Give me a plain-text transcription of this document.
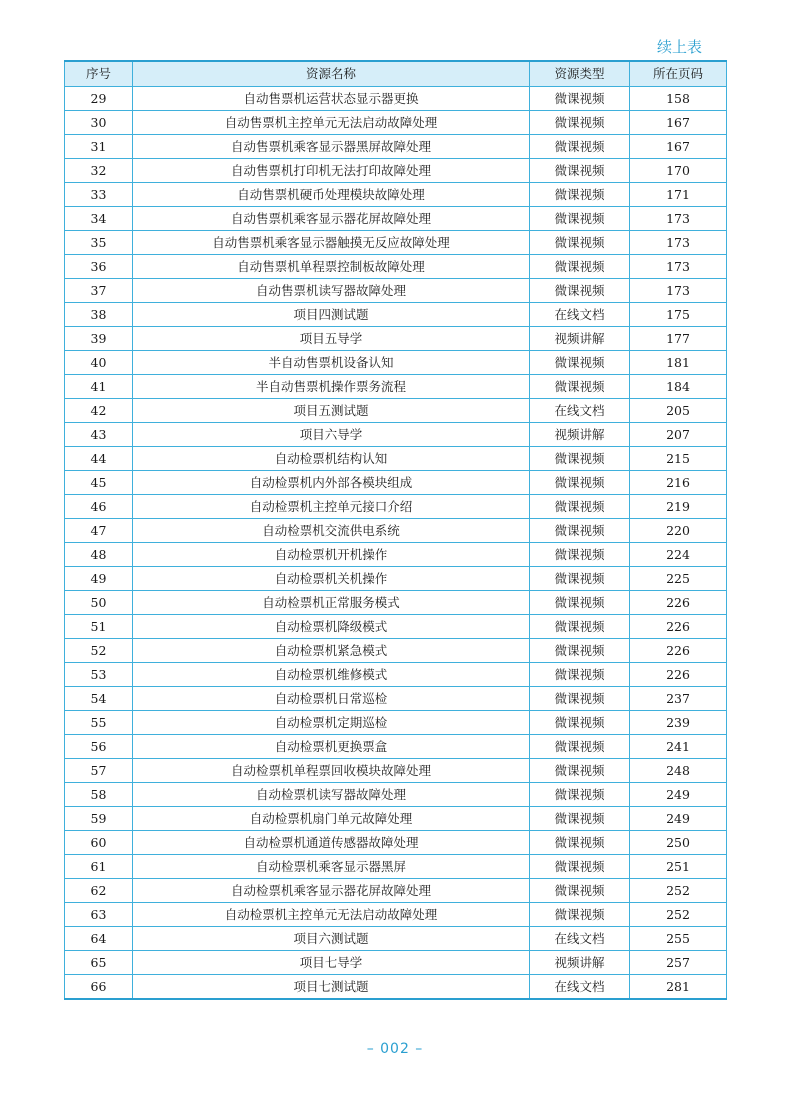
续上表
序号	资源名称	资源类型	所在页码
29	自动售票机运营状态显示器更换	微课视频	158
30	自动售票机主控单元无法启动故障处理	微课视频	167
31	自动售票机乘客显示器黑屏故障处理	微课视频	167
32	自动售票机打印机无法打印故障处理	微课视频	170
33	自动售票机硬币处理模块故障处理	微课视频	171
34	自动售票机乘客显示器花屏故障处理	微课视频	173
35	自动售票机乘客显示器触摸无反应故障处理	微课视频	173
36	自动售票机单程票控制板故障处理	微课视频	173
37	自动售票机读写器故障处理	微课视频	173
38	项目四测试题	在线文档	175
39	项目五导学	视频讲解	177
40	半自动售票机设备认知	微课视频	181
41	半自动售票机操作票务流程	微课视频	184
42	项目五测试题	在线文档	205
43	项目六导学	视频讲解	207
44	自动检票机结构认知	微课视频	215
45	自动检票机内外部各模块组成	微课视频	216
46	自动检票机主控单元接口介绍	微课视频	219
47	自动检票机交流供电系统	微课视频	220
48	自动检票机开机操作	微课视频	224
49	自动检票机关机操作	微课视频	225
50	自动检票机正常服务模式	微课视频	226
51	自动检票机降级模式	微课视频	226
52	自动检票机紧急模式	微课视频	226
53	自动检票机维修模式	微课视频	226
54	自动检票机日常巡检	微课视频	237
55	自动检票机定期巡检	微课视频	239
56	自动检票机更换票盒	微课视频	241
57	自动检票机单程票回收模块故障处理	微课视频	248
58	自动检票机读写器故障处理	微课视频	249
59	自动检票机扇门单元故障处理	微课视频	249
60	自动检票机通道传感器故障处理	微课视频	250
61	自动检票机乘客显示器黑屏	微课视频	251
62	自动检票机乘客显示器花屏故障处理	微课视频	252
63	自动检票机主控单元无法启动故障处理	微课视频	252
64	项目六测试题	在线文档	255
65	项目七导学	视频讲解	257
66	项目七测试题	在线文档	281
– 002 –
